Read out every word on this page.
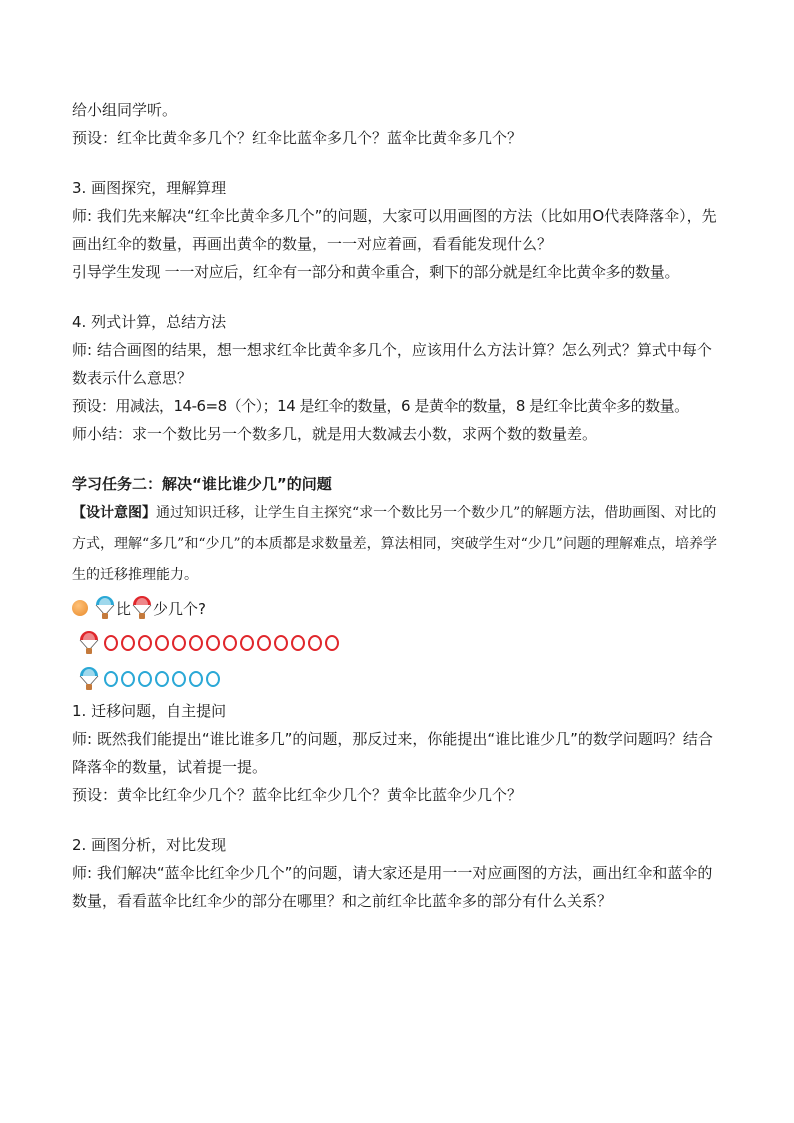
给小组同学听。

预设：红伞比黄伞多几个？红伞比蓝伞多几个？蓝伞比黄伞多几个？

3. 画图探究，理解算理

师: 我们先来解决“红伞比黄伞多几个”的问题，大家可以用画图的方法（比如用O代表降落伞），先画出红伞的数量，再画出黄伞的数量，一一对应着画，看看能发现什么？

引导学生发现 一一对应后，红伞有一部分和黄伞重合，剩下的部分就是红伞比黄伞多的数量。

4. 列式计算，总结方法

师: 结合画图的结果，想一想求红伞比黄伞多几个，应该用什么方法计算？怎么列式？算式中每个数表示什么意思？

预设：用减法，14-6=8（个）；14 是红伞的数量，6 是黄伞的数量，8 是红伞比黄伞多的数量。

师小结：求一个数比另一个数多几，就是用大数减去小数，求两个数的数量差。

学习任务二：解决“谁比谁少几”的问题

【设计意图】通过知识迁移，让学生自主探究“求一个数比另一个数少几”的解题方法，借助画图、对比的方式，理解“多几”和“少几”的本质都是求数量差，算法相同，突破学生对“少几”问题的理解难点，培养学生的迁移推理能力。

比 少几个?

1. 迁移问题，自主提问

师: 既然我们能提出“谁比谁多几”的问题，那反过来，你能提出“谁比谁少几”的数学问题吗？结合降落伞的数量，试着提一提。

预设：黄伞比红伞少几个？蓝伞比红伞少几个？黄伞比蓝伞少几个？

2. 画图分析，对比发现

师: 我们解决“蓝伞比红伞少几个”的问题，请大家还是用一一对应画图的方法，画出红伞和蓝伞的数量，看看蓝伞比红伞少的部分在哪里？和之前红伞比蓝伞多的部分有什么关系？
